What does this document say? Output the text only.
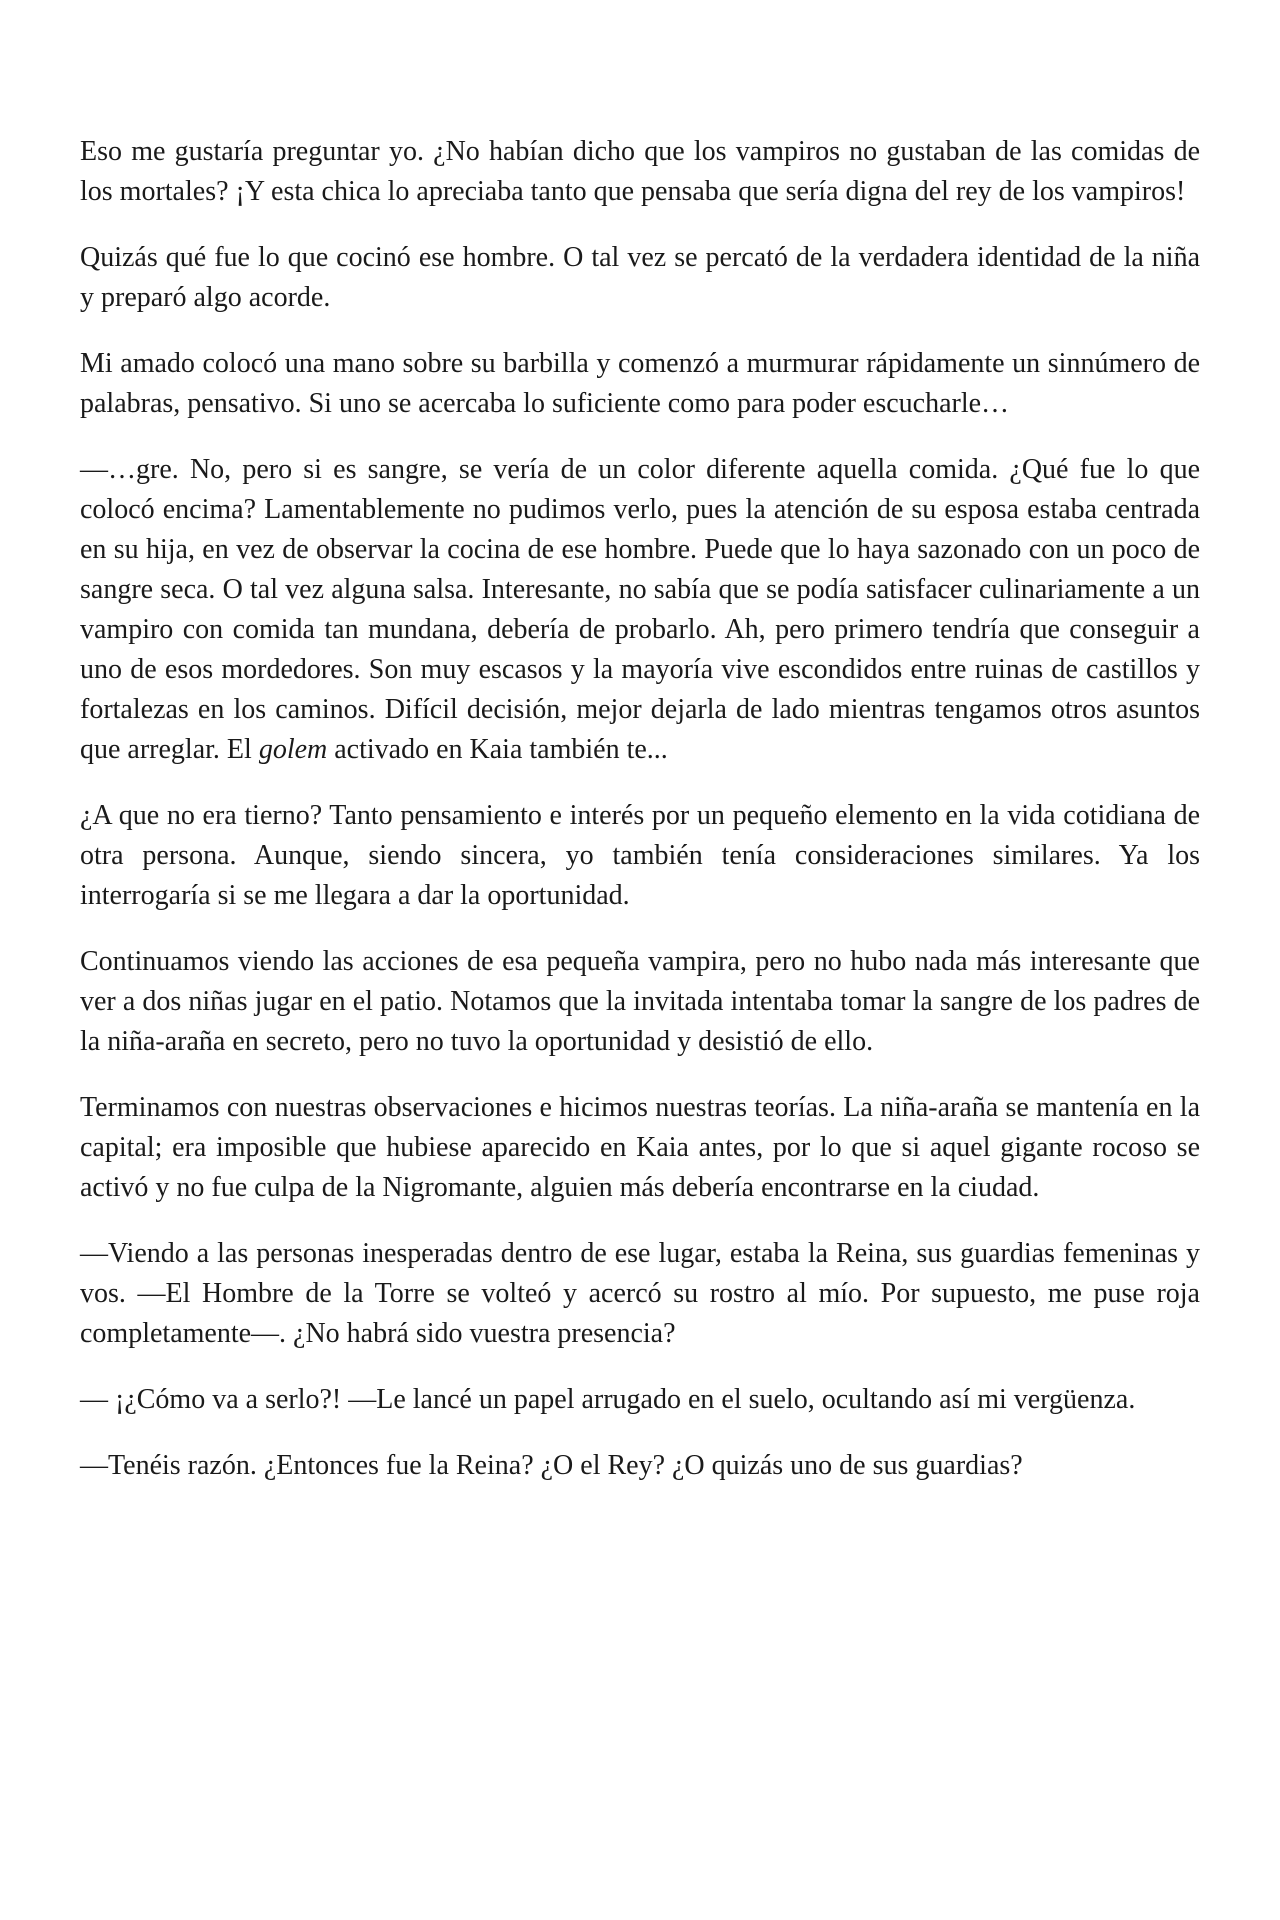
Eso me gustaría preguntar yo. ¿No habían dicho que los vampiros no gustaban de las comidas de los mortales? ¡Y esta chica lo apreciaba tanto que pensaba que sería digna del rey de los vampiros!

Quizás qué fue lo que cocinó ese hombre. O tal vez se percató de la verdadera identidad de la niña y preparó algo acorde.

Mi amado colocó una mano sobre su barbilla y comenzó a murmurar rápidamente un sinnúmero de palabras, pensativo. Si uno se acercaba lo suficiente como para poder escucharle…

—…gre. No, pero si es sangre, se vería de un color diferente aquella comida. ¿Qué fue lo que colocó encima? Lamentablemente no pudimos verlo, pues la atención de su esposa estaba centrada en su hija, en vez de observar la cocina de ese hombre. Puede que lo haya sazonado con un poco de sangre seca. O tal vez alguna salsa. Interesante, no sabía que se podía satisfacer culinariamente a un vampiro con comida tan mundana, debería de probarlo. Ah, pero primero tendría que conseguir a uno de esos mordedores. Son muy escasos y la mayoría vive escondidos entre ruinas de castillos y fortalezas en los caminos. Difícil decisión, mejor dejarla de lado mientras tengamos otros asuntos que arreglar. El golem activado en Kaia también te...

¿A que no era tierno? Tanto pensamiento e interés por un pequeño elemento en la vida cotidiana de otra persona. Aunque, siendo sincera, yo también tenía consideraciones similares. Ya los interrogaría si se me llegara a dar la oportunidad.

Continuamos viendo las acciones de esa pequeña vampira, pero no hubo nada más interesante que ver a dos niñas jugar en el patio. Notamos que la invitada intentaba tomar la sangre de los padres de la niña-araña en secreto, pero no tuvo la oportunidad y desistió de ello.

Terminamos con nuestras observaciones e hicimos nuestras teorías. La niña-araña se mantenía en la capital; era imposible que hubiese aparecido en Kaia antes, por lo que si aquel gigante rocoso se activó y no fue culpa de la Nigromante, alguien más debería encontrarse en la ciudad.

—Viendo a las personas inesperadas dentro de ese lugar, estaba la Reina, sus guardias femeninas y vos. —El Hombre de la Torre se volteó y acercó su rostro al mío. Por supuesto, me puse roja completamente—. ¿No habrá sido vuestra presencia?

— ¡¿Cómo va a serlo?! —Le lancé un papel arrugado en el suelo, ocultando así mi vergüenza.

—Tenéis razón. ¿Entonces fue la Reina? ¿O el Rey? ¿O quizás uno de sus guardias?
